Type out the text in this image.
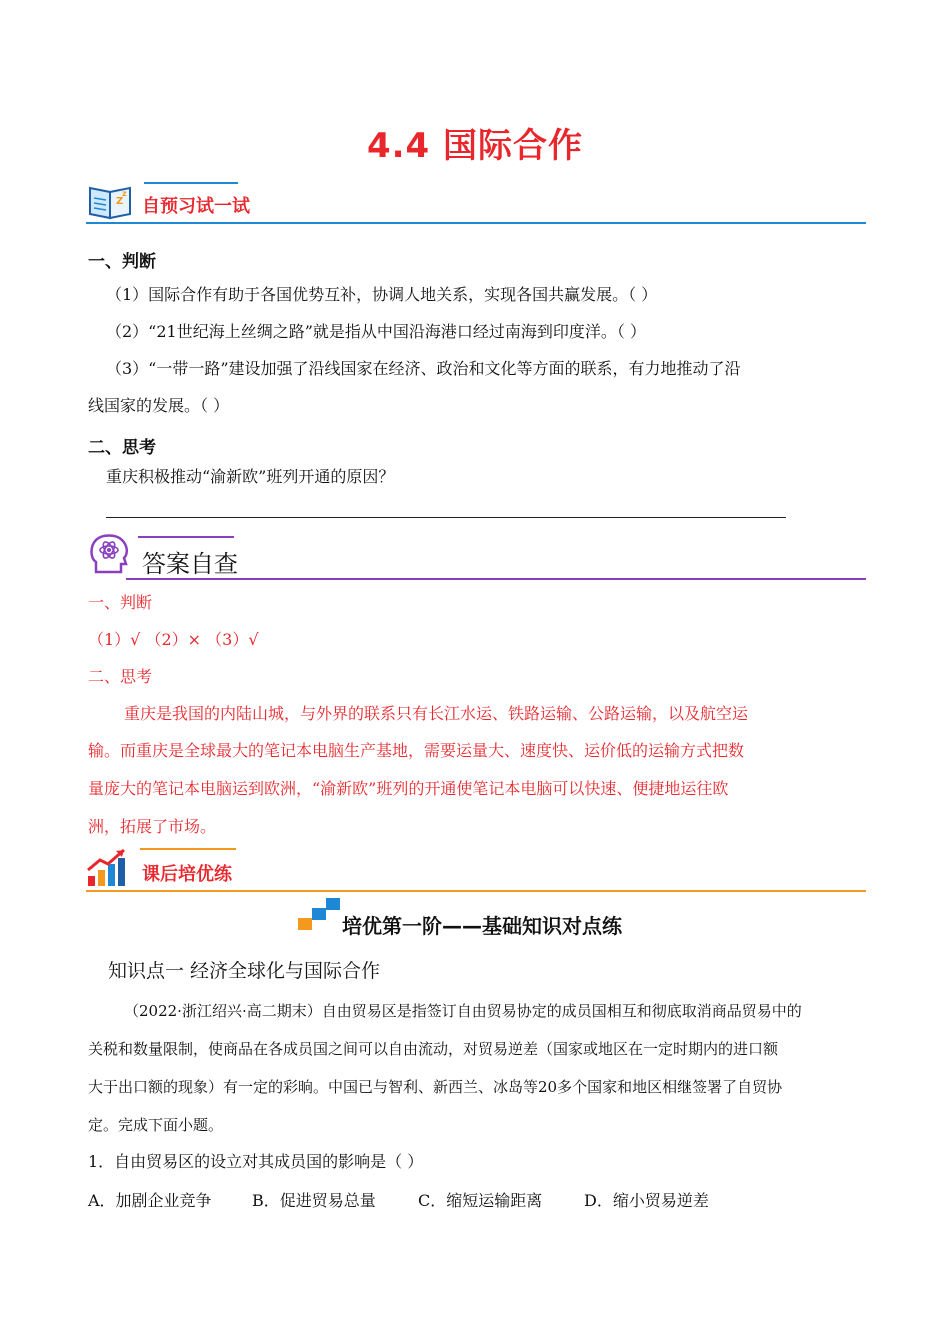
4.4 国际合作
Z
z
自预习试一试
一、判断
（1）国际合作有助于各国优势互补，协调人地关系，实现各国共赢发展。（ ）
（2）“21世纪海上丝绸之路”就是指从中国沿海港口经过南海到印度洋。（ ）
（3）“一带一路”建设加强了沿线国家在经济、政治和文化等方面的联系，有力地推动了沿
线国家的发展。（ ）
二、思考
重庆积极推动“渝新欧”班列开通的原因？
答案自查
一、判断
（1）√ （2）× （3）√
二、思考
重庆是我国的内陆山城，与外界的联系只有长江水运、铁路运输、公路运输，以及航空运
输。而重庆是全球最大的笔记本电脑生产基地，需要运量大、速度快、运价低的运输方式把数
量庞大的笔记本电脑运到欧洲，“渝新欧”班列的开通使笔记本电脑可以快速、便捷地运往欧
洲，拓展了市场。
课后培优练
培优第一阶——基础知识对点练
知识点一 经济全球化与国际合作
（2022·浙江绍兴·高二期末）自由贸易区是指签订自由贸易协定的成员国相互和彻底取消商品贸易中的
关税和数量限制，使商品在各成员国之间可以自由流动，对贸易逆差（国家或地区在一定时期内的进口额
大于出口额的现象）有一定的彩晌。中国已与智利、新西兰、冰岛等20多个国家和地区相继签署了自贸协
定。完成下面小题。
1．自由贸易区的设立对其成员国的影响是（ ）
A．加剧企业竞争	B．促进贸易总量	C．缩短运输距离	D．缩小贸易逆差
